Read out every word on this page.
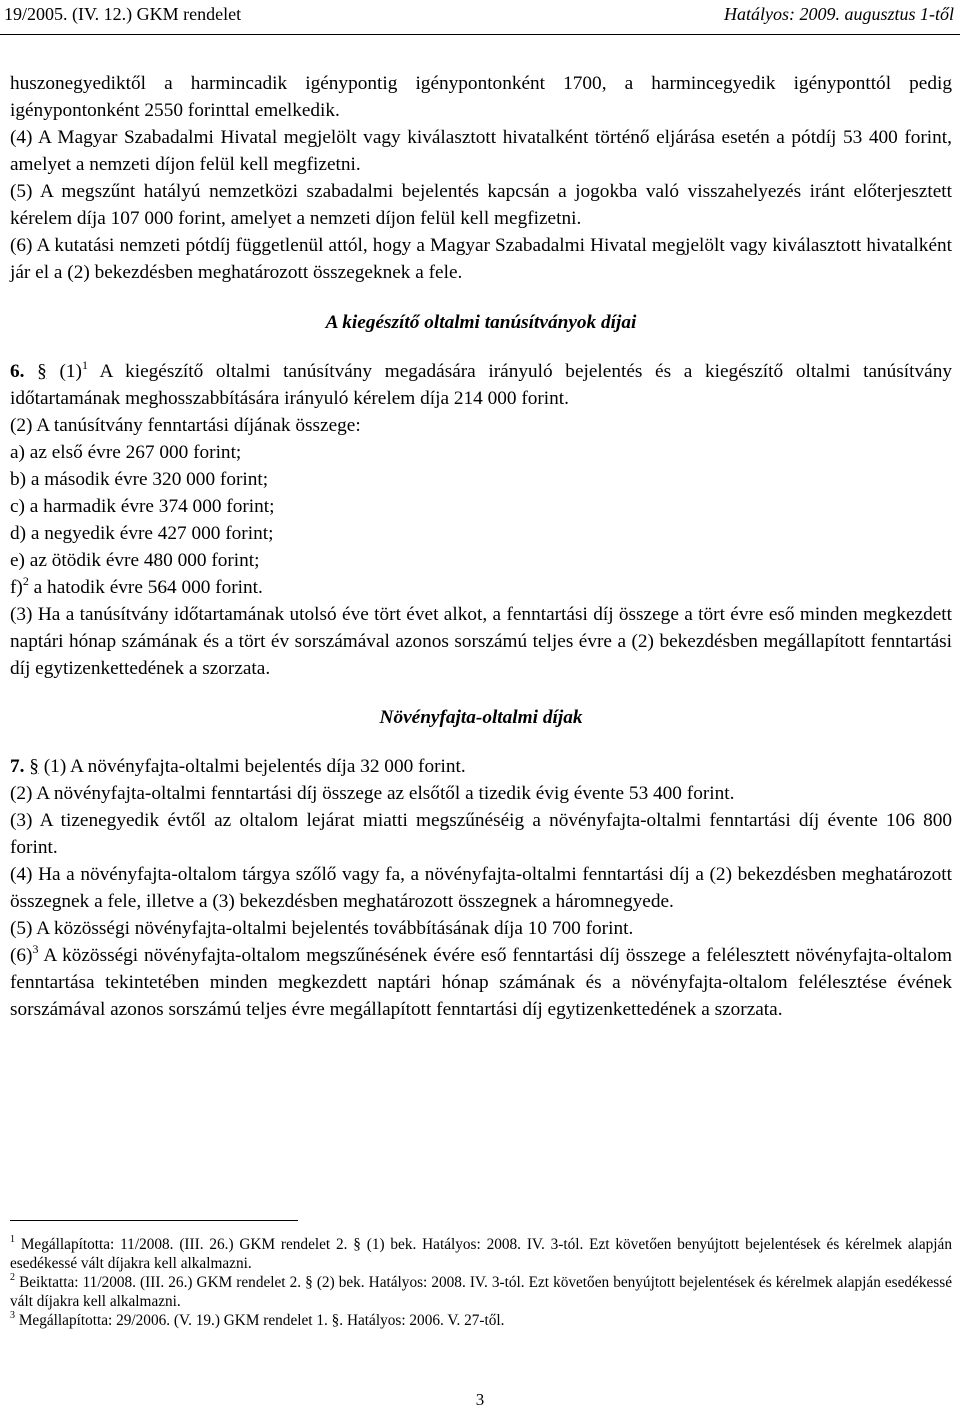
19/2005. (IV. 12.) GKM rendelet	Hatályos: 2009. augusztus 1-től

huszonegyediktől a harmincadik igénypontig igénypontonként 1700, a harmincegyedik igényponttól pedig igénypontonként 2550 forinttal emelkedik.

(4) A Magyar Szabadalmi Hivatal megjelölt vagy kiválasztott hivatalként történő eljárása esetén a pótdíj 53 400 forint, amelyet a nemzeti díjon felül kell megfizetni.

(5) A megszűnt hatályú nemzetközi szabadalmi bejelentés kapcsán a jogokba való visszahelyezés iránt előterjesztett kérelem díja 107 000 forint, amelyet a nemzeti díjon felül kell megfizetni.

(6) A kutatási nemzeti pótdíj függetlenül attól, hogy a Magyar Szabadalmi Hivatal megjelölt vagy kiválasztott hivatalként jár el a (2) bekezdésben meghatározott összegeknek a fele.

A kiegészítő oltalmi tanúsítványok díjai

6. § $(1)^1$ A kiegészítő oltalmi tanúsítvány megadására irányuló bejelentés és a kiegészítő oltalmi tanúsítvány időtartamának meghosszabbítására irányuló kérelem díja 214 000 forint.

(2) A tanúsítvány fenntartási díjának összege:

a) az első évre 267 000 forint;

b) a második évre 320 000 forint;

c) a harmadik évre 374 000 forint;

d) a negyedik évre 427 000 forint;

e) az ötödik évre 480 000 forint;

f)$^2$ a hatodik évre 564 000 forint.

(3) Ha a tanúsítvány időtartamának utolsó éve tört évet alkot, a fenntartási díj összege a tört évre eső minden megkezdett naptári hónap számának és a tört év sorszámával azonos sorszámú teljes évre a (2) bekezdésben megállapított fenntartási díj egytizenkettedének a szorzata.

Növényfajta-oltalmi díjak

7. § (1) A növényfajta-oltalmi bejelentés díja 32 000 forint.

(2) A növényfajta-oltalmi fenntartási díj összege az elsőtől a tizedik évig évente 53 400 forint.

(3) A tizenegyedik évtől az oltalom lejárat miatti megszűnéséig a növényfajta-oltalmi fenntartási díj évente 106 800 forint.

(4) Ha a növényfajta-oltalom tárgya szőlő vagy fa, a növényfajta-oltalmi fenntartási díj a (2) bekezdésben meghatározott összegnek a fele, illetve a (3) bekezdésben meghatározott összegnek a háromnegyede.

(5) A közösségi növényfajta-oltalmi bejelentés továbbításának díja 10 700 forint.

$(6)^3$ A közösségi növényfajta-oltalom megszűnésének évére eső fenntartási díj összege a felélesztett növényfajta-oltalom fenntartása tekintetében minden megkezdett naptári hónap számának és a növényfajta-oltalom felélesztése évének sorszámával azonos sorszámú teljes évre megállapított fenntartási díj egytizenkettedének a szorzata.

$^1$ Megállapította: 11/2008. (III. 26.) GKM rendelet 2. § (1) bek. Hatályos: 2008. IV. 3-tól. Ezt követően benyújtott bejelentések és kérelmek alapján esedékessé vált díjakra kell alkalmazni.

$^2$ Beiktatta: 11/2008. (III. 26.) GKM rendelet 2. § (2) bek. Hatályos: 2008. IV. 3-tól. Ezt követően benyújtott bejelentések és kérelmek alapján esedékessé vált díjakra kell alkalmazni.

$^3$ Megállapította: 29/2006. (V. 19.) GKM rendelet 1. §. Hatályos: 2006. V. 27-től.

3
